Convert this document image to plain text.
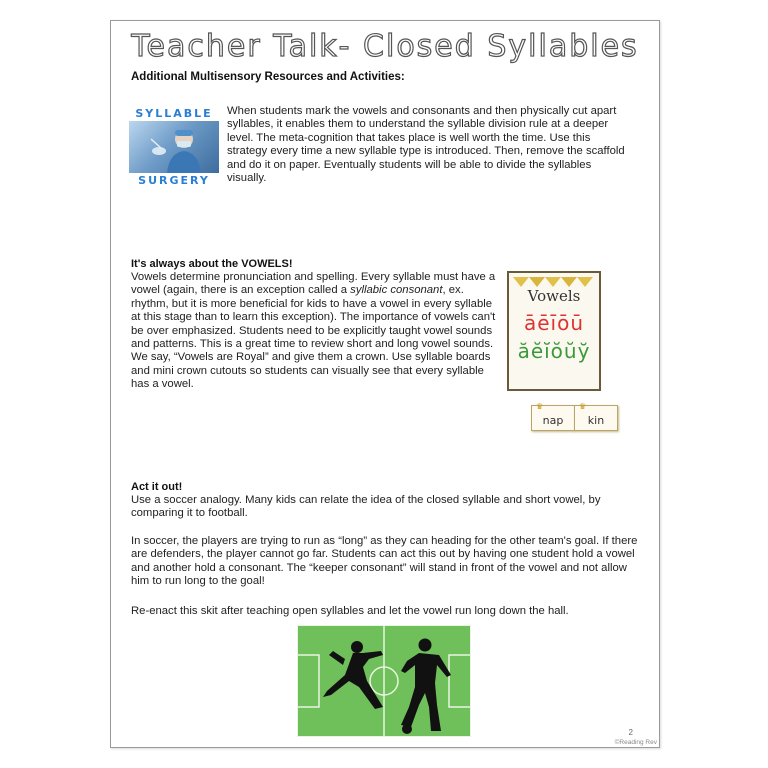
Teacher Talk- Closed Syllables
Additional Multisensory Resources and Activities:
SYLLABLE
SURGERY
When students mark the vowels and consonants and then physically cut apart syllables, it enables them to understand the syllable division rule at a deeper level. The meta-cognition that takes place is well worth the time. Use this strategy every time a new syllable type is introduced. Then, remove the scaffold and do it on paper. Eventually students will be able to divide the syllables visually.
It's always about the VOWELS!
Vowels determine pronunciation and spelling. Every syllable must have a vowel (again, there is an exception called a syllabic consonant, ex. rhythm, but it is more beneficial for kids to have a vowel in every syllable at this stage than to learn this exception). The importance of vowels can't be over emphasized. Students need to be explicitly taught vowel sounds and patterns. This is a great time to review short and long vowel sounds. We say, “Vowels are Royal” and give them a crown. Use syllable boards and mini crown cutouts so students can visually see that every syllable has a vowel.
Vowels
āēīōū
ăĕĭŏŭў
♛
nap
♛
kin
Act it out!
Use a soccer analogy. Many kids can relate the idea of the closed syllable and short vowel, by comparing it to football.
In soccer, the players are trying to run as “long” as they can heading for the other team's goal. If there are defenders, the player cannot go far. Students can act this out by having one student hold a vowel and another hold a consonant. The “keeper consonant” will stand in front of the vowel and not allow him to run long to the goal!
Re-enact this skit after teaching open syllables and let the vowel run long down the hall.
2
©Reading Rev
